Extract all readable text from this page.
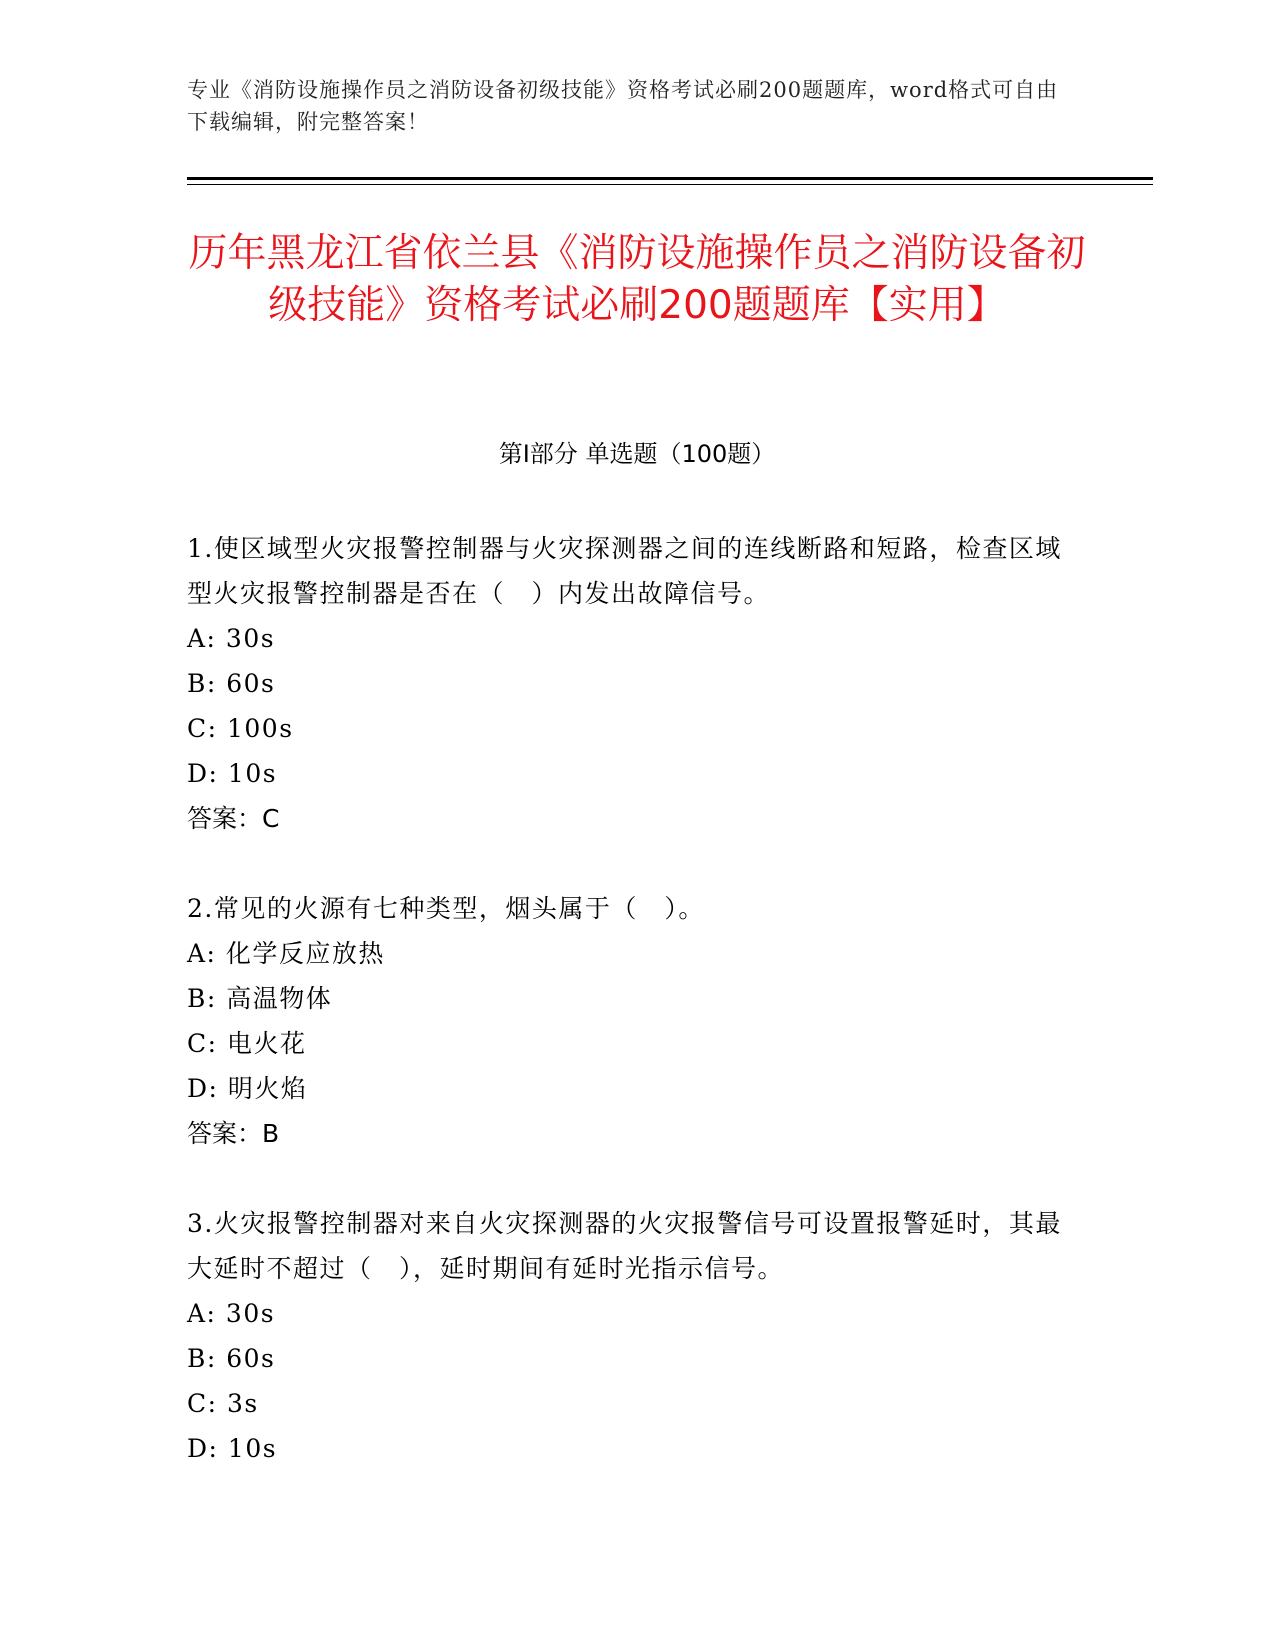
专业《消防设施操作员之消防设备初级技能》资格考试必刷200题题库，word格式可自由下载编辑，附完整答案！
历年黑龙江省依兰县《消防设施操作员之消防设备初级技能》资格考试必刷200题题库【实用】
第Ⅰ部分 单选题（100题）

1.使区域型火灾报警控制器与火灾探测器之间的连线断路和短路，检查区域型火灾报警控制器是否在（　）内发出故障信号。

A: 30s

B: 60s

C: 100s

D: 10s

答案：C

2.常见的火源有七种类型，烟头属于（　）。

A: 化学反应放热

B: 高温物体

C: 电火花

D: 明火焰

答案：B

3.火灾报警控制器对来自火灾探测器的火灾报警信号可设置报警延时，其最大延时不超过（　），延时期间有延时光指示信号。

A: 30s

B: 60s

C: 3s

D: 10s
